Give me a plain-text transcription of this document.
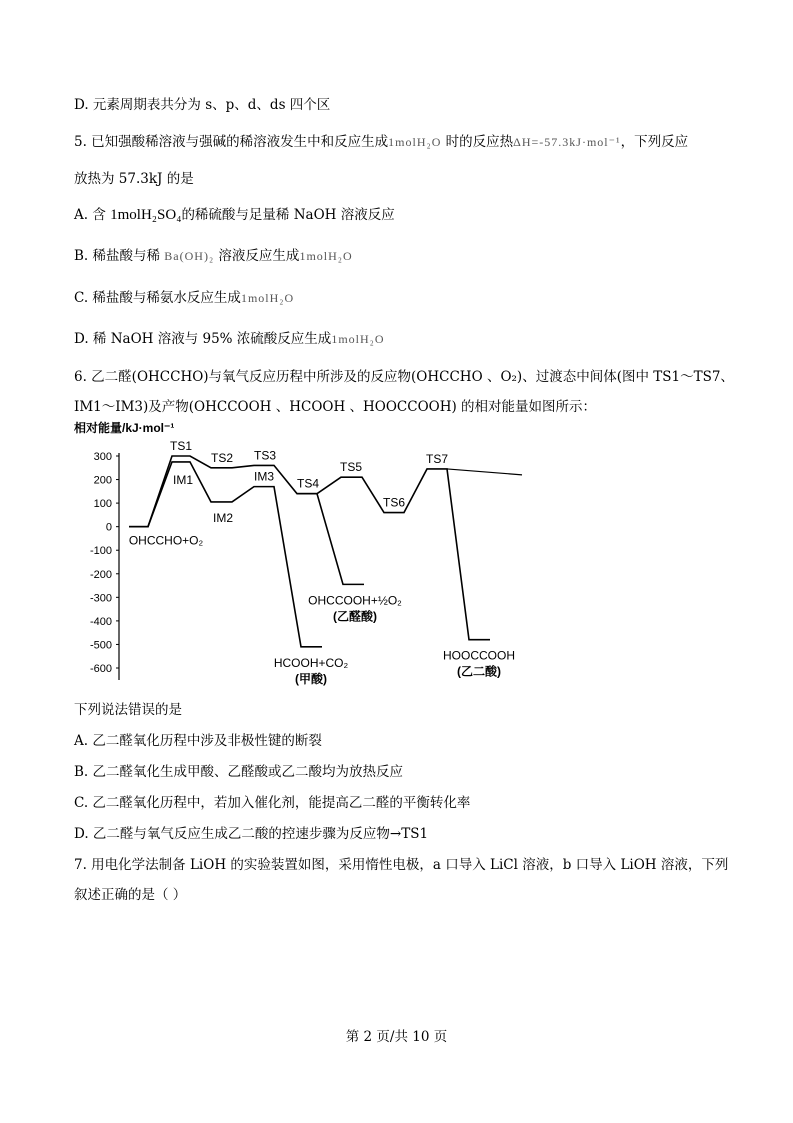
D. 元素周期表共分为 s、p、d、ds 四个区
5. 已知强酸稀溶液与强碱的稀溶液发生中和反应生成1molH₂O 时的反应热ΔH=-57.3kJ·mol⁻¹，下列反应
放热为 57.3kJ 的是
A. 含 1molH₂SO₄的稀硫酸与足量稀 NaOH 溶液反应
B. 稀盐酸与稀 Ba(OH)₂ 溶液反应生成1molH₂O
C. 稀盐酸与稀氨水反应生成1molH₂O
D. 稀 NaOH 溶液与 95% 浓硫酸反应生成1molH₂O
6. 乙二醛(OHCCHO)与氧气反应历程中所涉及的反应物(OHCCHO 、O₂)、过渡态中间体(图中 TS1～TS7、
IM1～IM3)及产物(OHCCOOH 、HCOOH 、HOOCCOOH) 的相对能量如图所示：
相对能量/kJ·mol⁻¹
300
200
100
0
-100
-200
-300
-400
-500
-600
TS1
IM1
TS2
IM2
TS3
IM3
TS4
TS5
TS6
TS7
OHCCHO+O₂
HCOOH+CO₂
(甲酸)
OHCCOOH+½O₂
(乙醛酸)
HOOCCOOH
(乙二酸)
下列说法错误的是
A. 乙二醛氧化历程中涉及非极性键的断裂
B. 乙二醛氧化生成甲酸、乙醛酸或乙二酸均为放热反应
C. 乙二醛氧化历程中，若加入催化剂，能提高乙二醛的平衡转化率
D. 乙二醛与氧气反应生成乙二酸的控速步骤为反应物→TS1
7. 用电化学法制备 LiOH 的实验装置如图，采用惰性电极，a 口导入 LiCl 溶液，b 口导入 LiOH 溶液，下列
叙述正确的是（ ）
第 2 页/共 10 页
